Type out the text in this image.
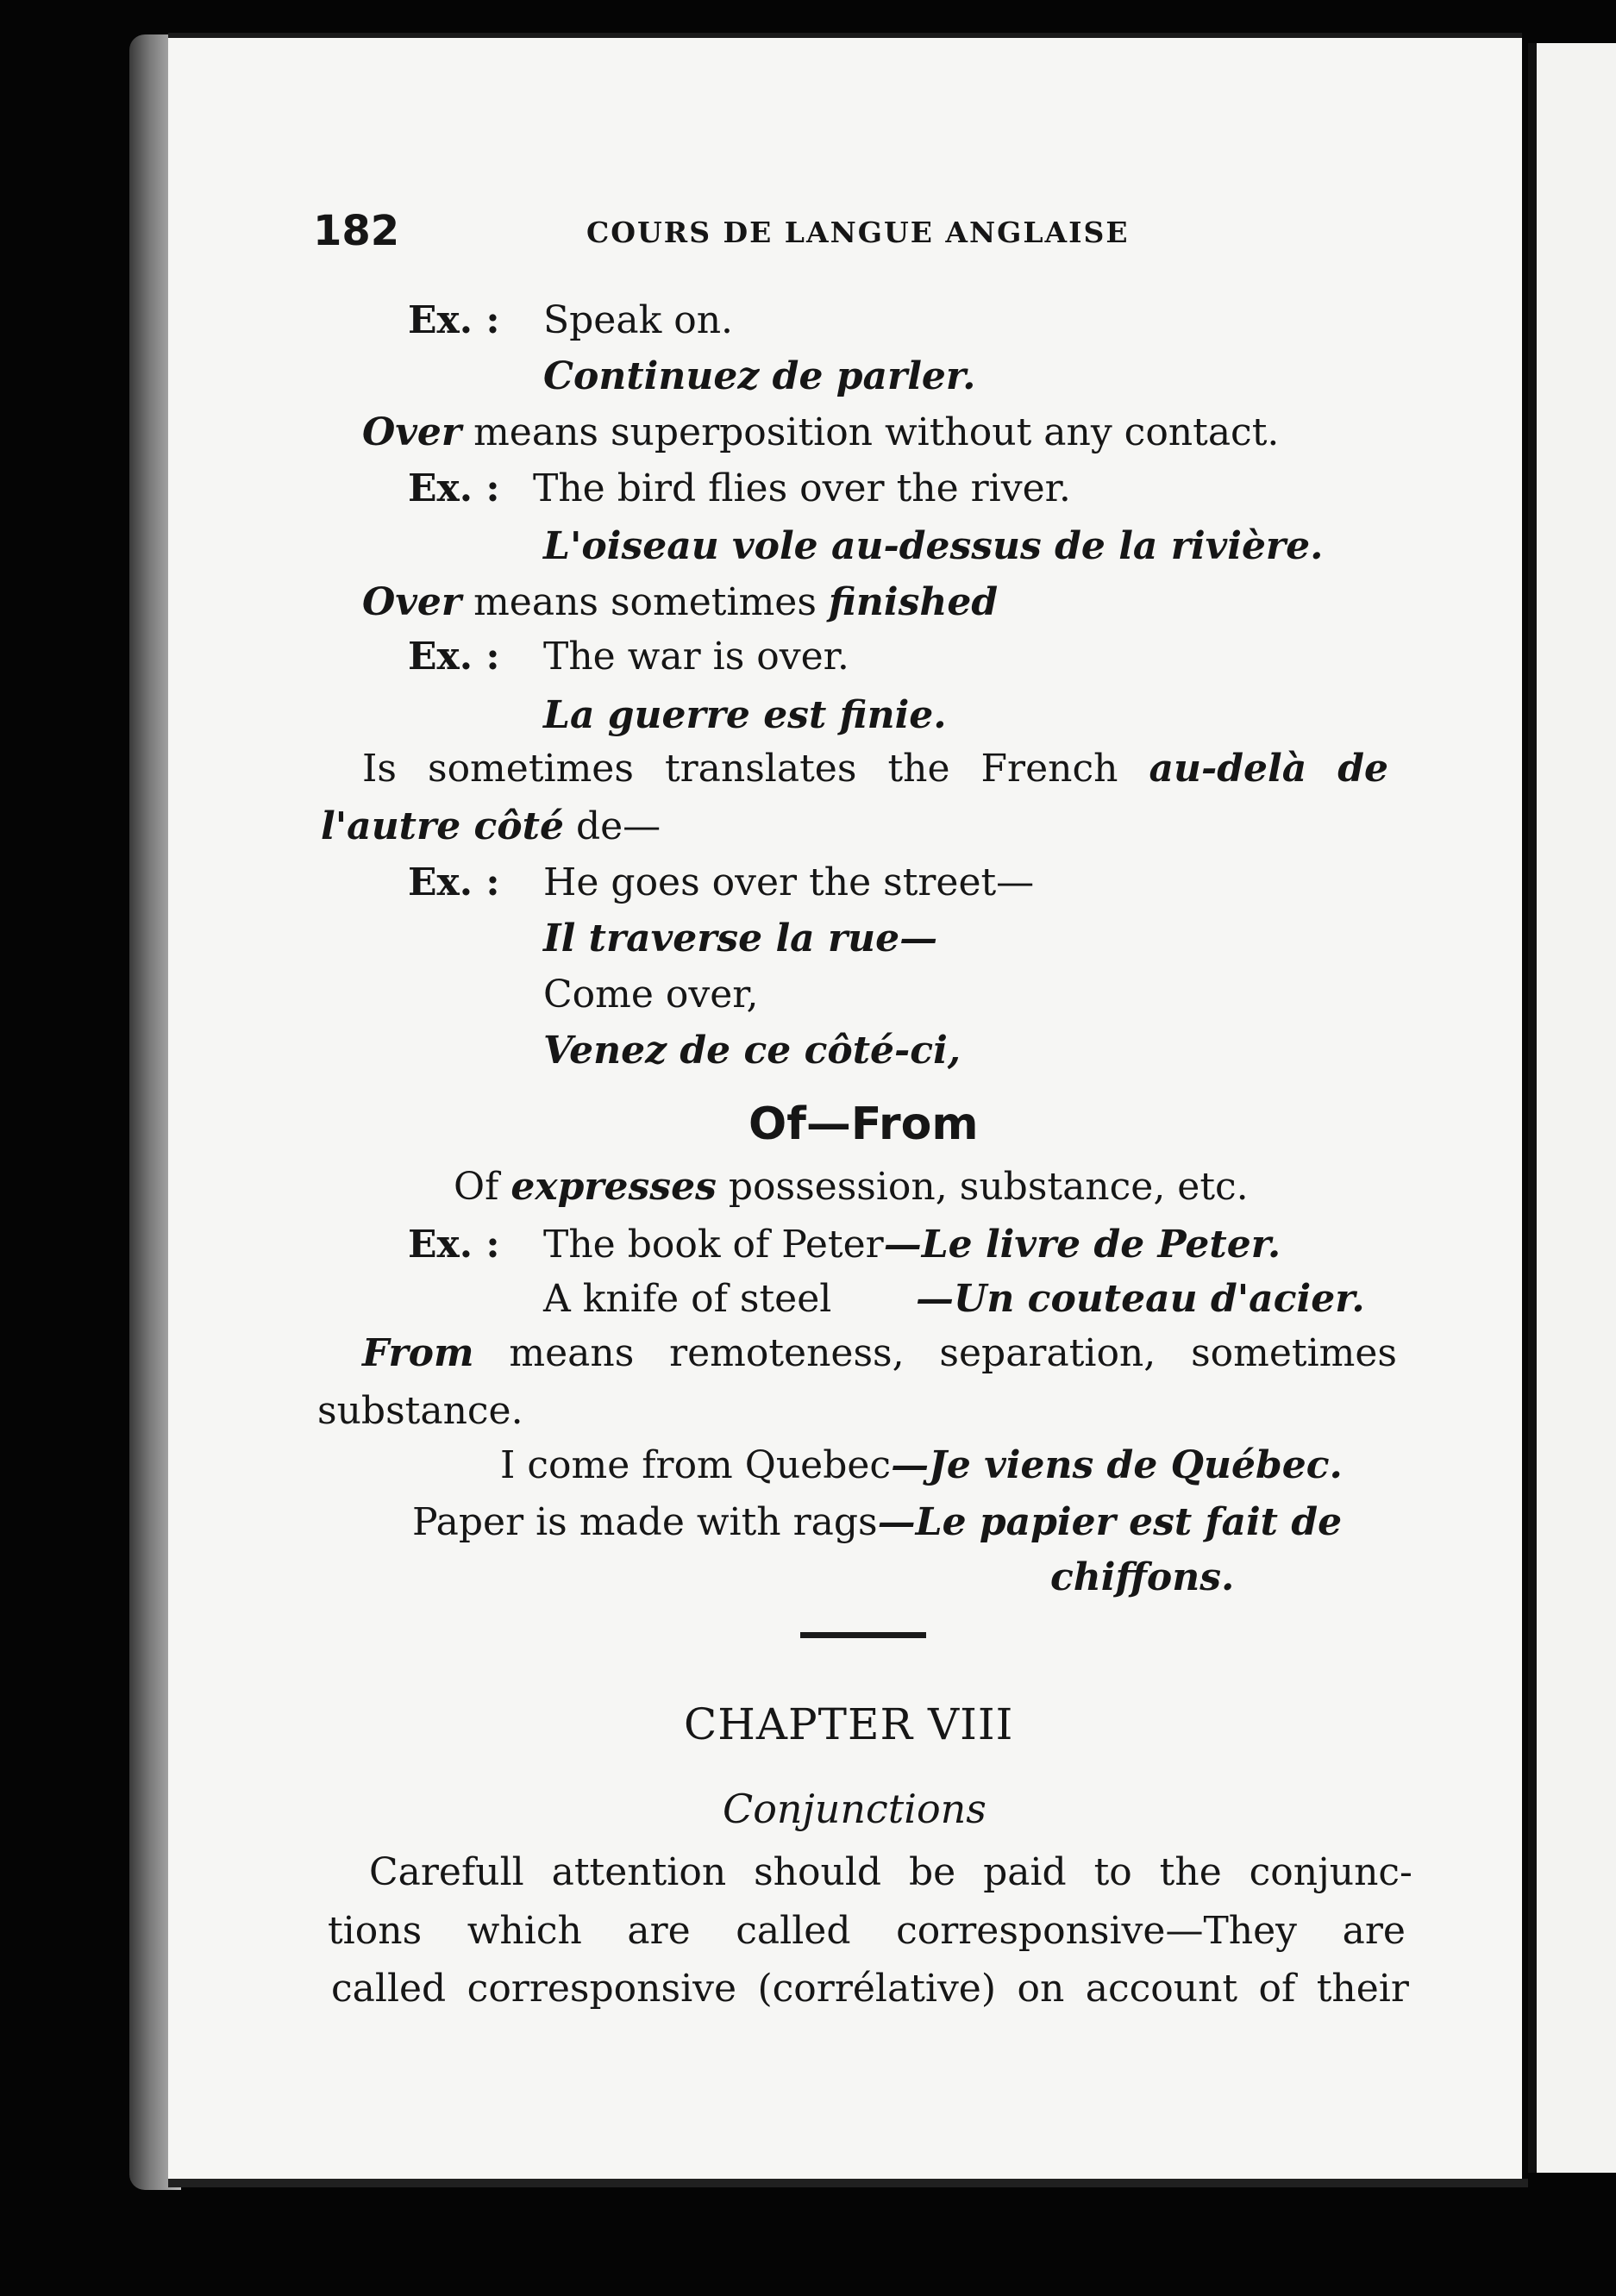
182	COURS DE LANGUE ANGLAISE
Ex. : Speak on.
Continuez de parler.
Over means superposition without any contact.
Ex. : The bird flies over the river.
L'oiseau vole au-dessus de la rivière.
Over means sometimes finished
Ex. : The war is over.
La guerre est finie.
Is sometimes translates the French au-delà de
l'autre côté de—
Ex. : He goes over the street—
Il traverse la rue—
Come over,
Venez de ce côté-ci,
Of—From
Of expresses possession, substance, etc.
Ex. : The book of Peter—Le livre de Peter.
A knife of steel —Un couteau d'acier.
From means remoteness, separation, sometimes
substance.
I come from Quebec—Je viens de Québec.
Paper is made with rags—Le papier est fait de
chiffons.
CHAPTER VIII
Conjunctions
Carefull attention should be paid to the conjunc-
tions which are called corresponsive—They are
called corresponsive (corrélative) on account of their
